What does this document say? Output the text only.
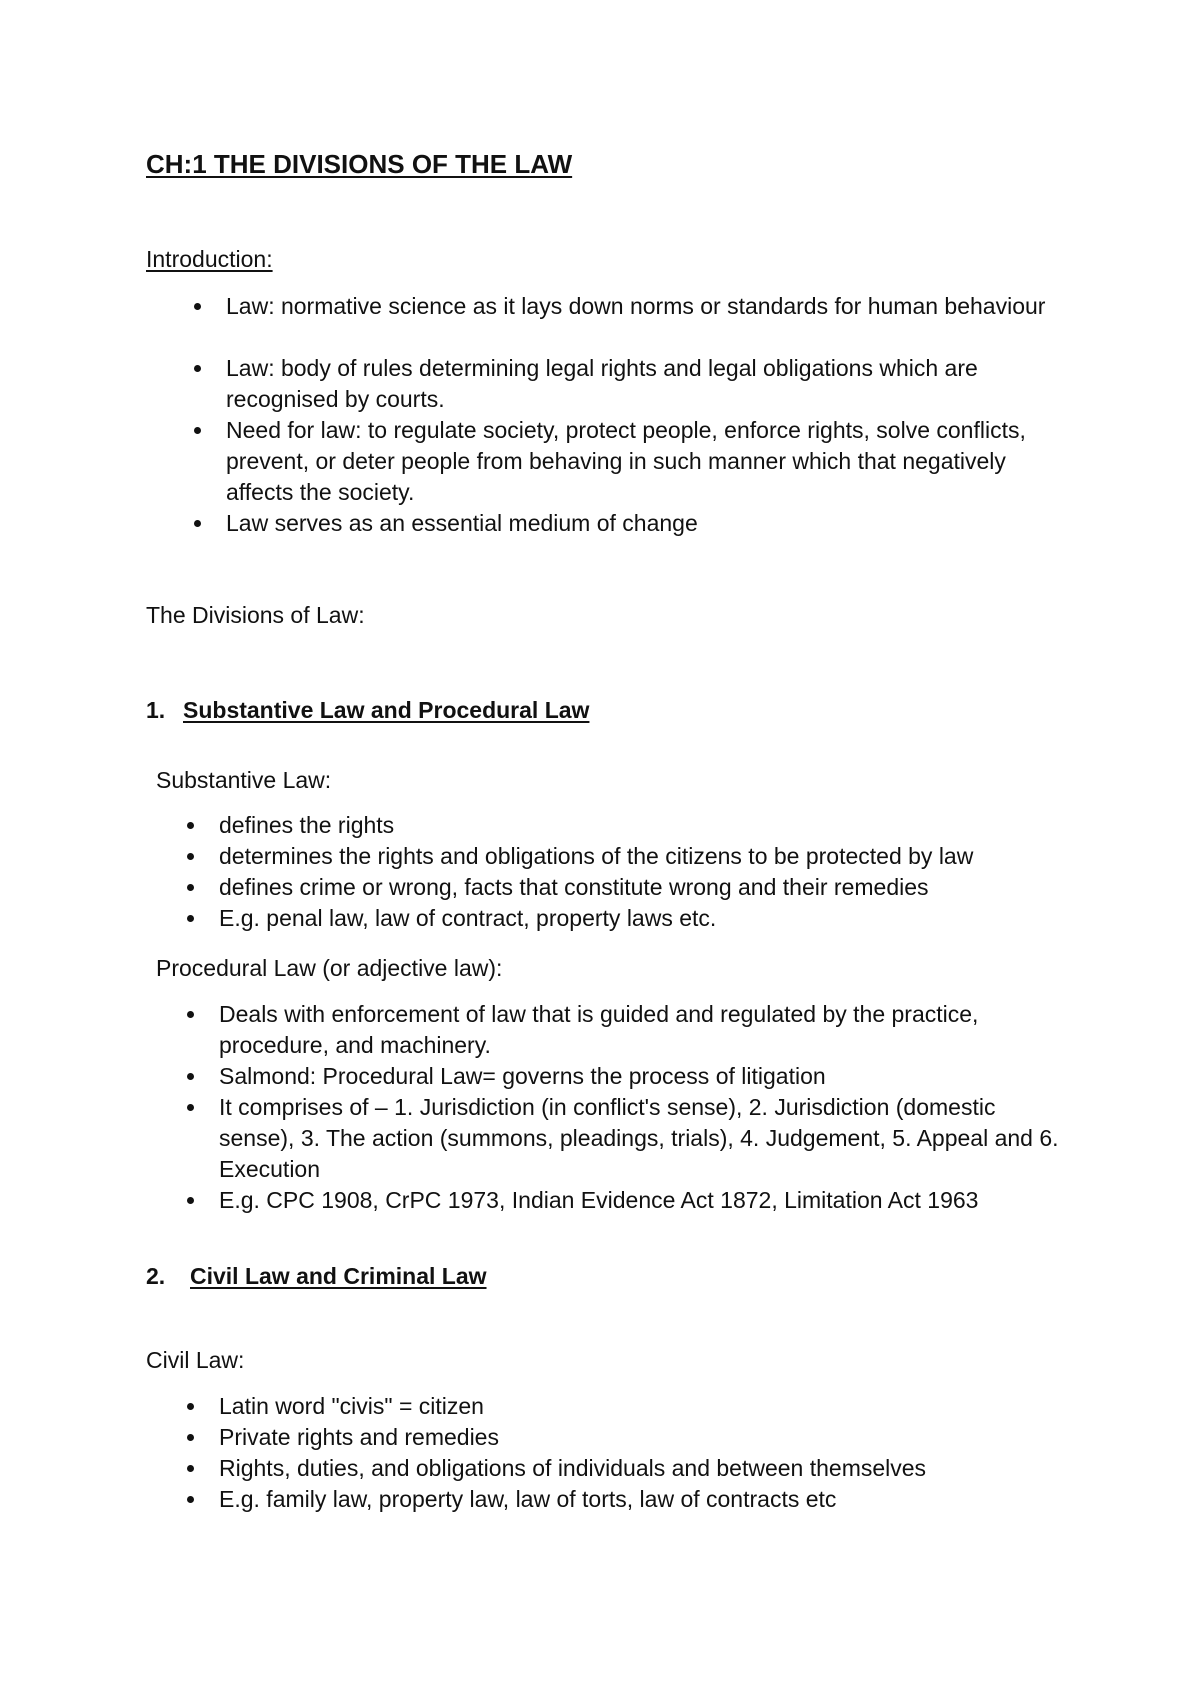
CH:1 THE DIVISIONS OF THE LAW
Introduction:
Law: normative science as it lays down norms or standards for human behaviour
Law: body of rules determining legal rights and legal obligations which are recognised by courts.
Need for law: to regulate society, protect people, enforce rights, solve conflicts, prevent, or deter people from behaving in such manner which that negatively affects the society.
Law serves as an essential medium of change
The Divisions of Law:
1. Substantive Law and Procedural Law
Substantive Law:
defines the rights
determines the rights and obligations of the citizens to be protected by law
defines crime or wrong, facts that constitute wrong and their remedies
E.g. penal law, law of contract, property laws etc.
Procedural Law (or adjective law):
Deals with enforcement of law that is guided and regulated by the practice, procedure, and machinery.
Salmond: Procedural Law= governs the process of litigation
It comprises of – 1. Jurisdiction (in conflict's sense), 2. Jurisdiction (domestic sense), 3. The action (summons, pleadings, trials), 4. Judgement, 5. Appeal and 6. Execution
E.g. CPC 1908, CrPC 1973, Indian Evidence Act 1872, Limitation Act 1963
2. Civil Law and Criminal Law
Civil Law:
Latin word "civis" = citizen
Private rights and remedies
Rights, duties, and obligations of individuals and between themselves
E.g. family law, property law, law of torts, law of contracts etc
